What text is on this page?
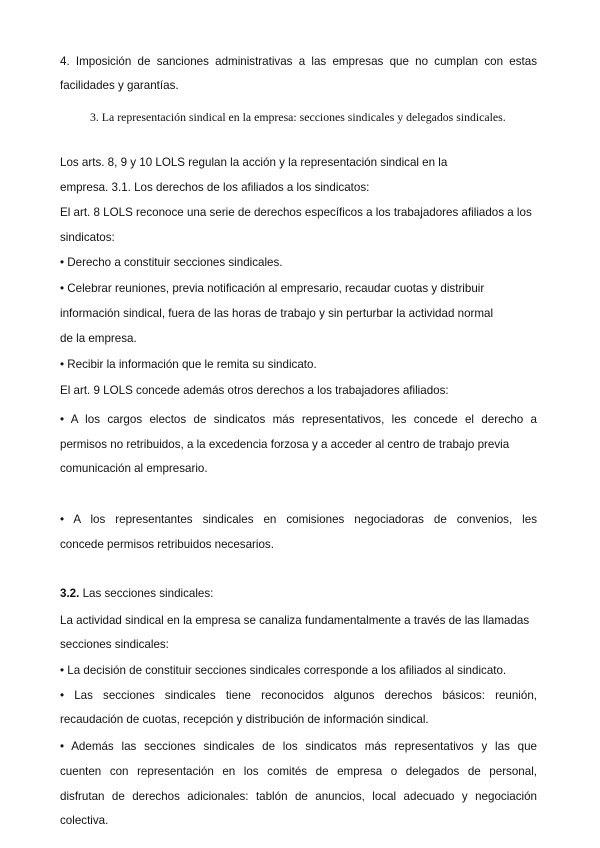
4. Imposición de sanciones administrativas a las empresas que no cumplan con estas
facilidades y garantías.
3. La representación sindical en la empresa: secciones sindicales y delegados sindicales.
Los arts. 8, 9 y 10 LOLS regulan la acción y la representación sindical en la
empresa. 3.1. Los derechos de los afiliados a los sindicatos:
El art. 8 LOLS reconoce una serie de derechos específicos a los trabajadores afiliados a los
sindicatos:
• Derecho a constituir secciones sindicales.
• Celebrar reuniones, previa notificación al empresario, recaudar cuotas y distribuir
información sindical, fuera de las horas de trabajo y sin perturbar la actividad normal
de la empresa.
• Recibir la información que le remita su sindicato.
El art. 9 LOLS concede además otros derechos a los trabajadores afiliados:
• A los cargos electos de sindicatos más representativos, les concede el derecho a
permisos no retribuidos, a la excedencia forzosa y a acceder al centro de trabajo previa
comunicación al empresario.
• A los representantes sindicales en comisiones negociadoras de convenios, les
concede permisos retribuidos necesarios.
3.2. Las secciones sindicales:
La actividad sindical en la empresa se canaliza fundamentalmente a través de las llamadas
secciones sindicales:
• La decisión de constituir secciones sindicales corresponde a los afiliados al sindicato.
• Las secciones sindicales tiene reconocidos algunos derechos básicos: reunión,
recaudación de cuotas, recepción y distribución de información sindical.
• Además las secciones sindicales de los sindicatos más representativos y las que
cuenten con representación en los comités de empresa o delegados de personal,
disfrutan de derechos adicionales: tablón de anuncios, local adecuado y negociación
colectiva.
